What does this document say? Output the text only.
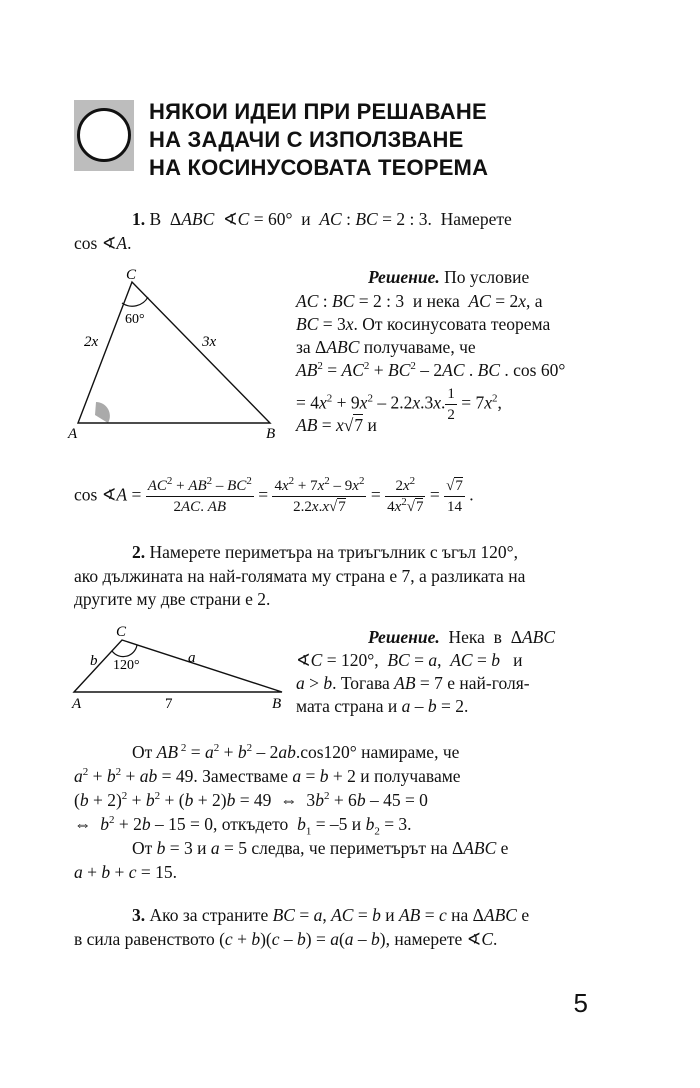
НЯКОИ ИДЕИ ПРИ РЕШАВАНЕ
НА ЗАДАЧИ С ИЗПОЛЗВАНЕ
НА КОСИНУСОВАТА ТЕОРЕМА
1. В  ΔABC  ∢C = 60°  и  AC : BC = 2 : 3.  Намерете
cos ∢A.
C
A	B
60°
2x	3x
Решение. По условие
AC : BC = 2 : 3  и нека  AC = 2x, а
BC = 3x. От косинусовата теорема
за ΔABC получаваме, че
$AB^2 = AC^2 + BC^2 - 2AC$ . BC . cos 60°
= $4x^2 + 9x^2 - 2.2x.3x$. $\frac{1}{2} = 7x^2$,
AB = x√7 и
cos ∢A = $\frac{AC^2 + AB^2 - BC^2}{2AC. AB} = \frac{4x^2 + 7x^2 - 9x^2}{2.2x.x√7} = \frac{2x^2}{4x^2√7} = \frac{√7}{14}$ .
2. Намерете периметъра на триъгълник с ъгъл 120°,
ако дължината на най-голямата му страна е 7, а разликата на
другите му две страни е 2.
C
A	B
120°
b	a
7
Решение.  Нека  в  ΔABC
∢C = 120°,  BC = a,  AC = b   и
a > b. Тогава AB = 7 е най-голя-
мата страна и a – b = 2.
От AB $^2 = a^2 + b^2 - 2ab.\cos 120^\circ$ намираме, че
$a^2 + b^2$ + ab = 49. Заместваме a = b + 2 и получаваме
$(b + 2)^2 + b^2 + (b + 2)b = 49$  ⇔  $3b^2 + 6b - 45 = 0$
⇔  $b^2 + 2b - 15 = 0$, откъдето  $b_1 = -5$ и $b_2 = 3$.
От b = 3 и a = 5 следва, че периметърът на ΔABC е
a + b + c = 15.
3. Ако за страните BC = a, AC = b и AB = c на ΔABC е
в сила равенството (c + b)(c – b) = a(a – b), намерете ∢C.
5
